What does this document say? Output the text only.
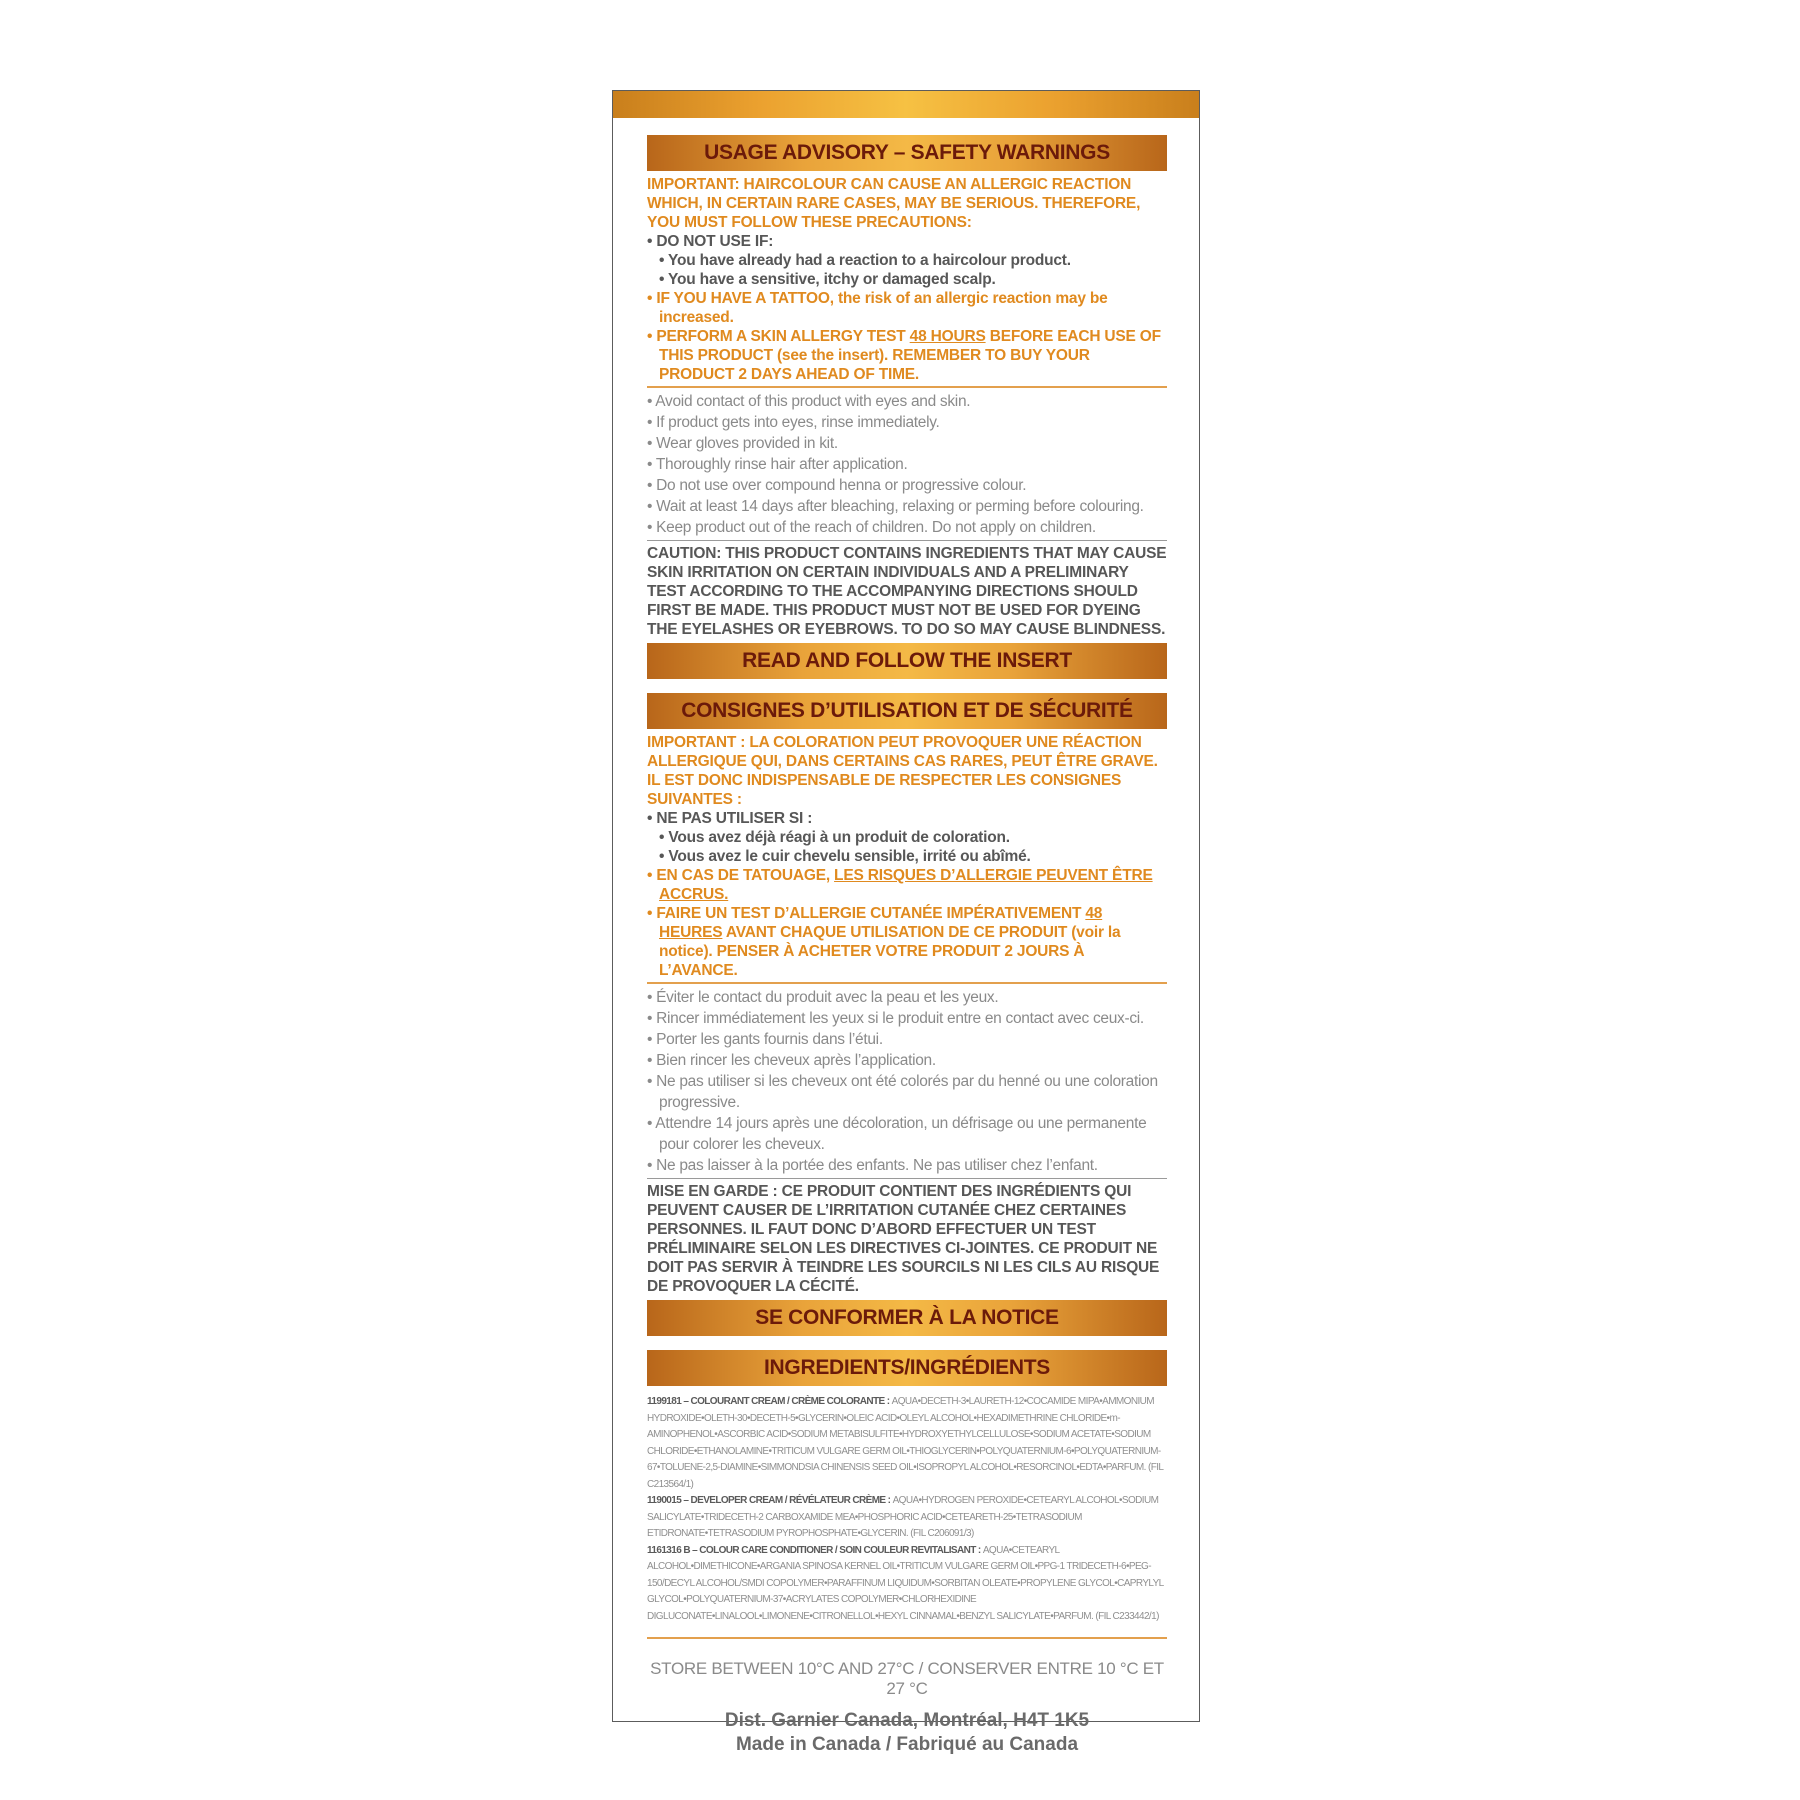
USAGE ADVISORY – SAFETY WARNINGS
IMPORTANT: HAIRCOLOUR CAN CAUSE AN ALLERGIC REACTION WHICH, IN CERTAIN RARE CASES, MAY BE SERIOUS. THEREFORE, YOU MUST FOLLOW THESE PRECAUTIONS:
• DO NOT USE IF:
• You have already had a reaction to a haircolour product.
• You have a sensitive, itchy or damaged scalp.
• IF YOU HAVE A TATTOO, the risk of an allergic reaction may be increased.
• PERFORM A SKIN ALLERGY TEST 48 HOURS BEFORE EACH USE OF THIS PRODUCT (see the insert). REMEMBER TO BUY YOUR PRODUCT 2 DAYS AHEAD OF TIME.
• Avoid contact of this product with eyes and skin.
• If product gets into eyes, rinse immediately.
• Wear gloves provided in kit.
• Thoroughly rinse hair after application.
• Do not use over compound henna or progressive colour.
• Wait at least 14 days after bleaching, relaxing or perming before colouring.
• Keep product out of the reach of children. Do not apply on children.
CAUTION: THIS PRODUCT CONTAINS INGREDIENTS THAT MAY CAUSE SKIN IRRITATION ON CERTAIN INDIVIDUALS AND A PRELIMINARY TEST ACCORDING TO THE ACCOMPANYING DIRECTIONS SHOULD FIRST BE MADE. THIS PRODUCT MUST NOT BE USED FOR DYEING THE EYELASHES OR EYEBROWS. TO DO SO MAY CAUSE BLINDNESS.
READ AND FOLLOW THE INSERT
CONSIGNES D’UTILISATION ET DE SÉCURITÉ
IMPORTANT : LA COLORATION PEUT PROVOQUER UNE RÉACTION ALLERGIQUE QUI, DANS CERTAINS CAS RARES, PEUT ÊTRE GRAVE. IL EST DONC INDISPENSABLE DE RESPECTER LES CONSIGNES SUIVANTES :
• NE PAS UTILISER SI :
• Vous avez déjà réagi à un produit de coloration.
• Vous avez le cuir chevelu sensible, irrité ou abîmé.
• EN CAS DE TATOUAGE, LES RISQUES D’ALLERGIE PEUVENT ÊTRE ACCRUS.
• FAIRE UN TEST D’ALLERGIE CUTANÉE IMPÉRATIVEMENT 48 HEURES AVANT CHAQUE UTILISATION DE CE PRODUIT (voir la notice). PENSER À ACHETER VOTRE PRODUIT 2 JOURS À L’AVANCE.
• Éviter le contact du produit avec la peau et les yeux.
• Rincer immédiatement les yeux si le produit entre en contact avec ceux-ci.
• Porter les gants fournis dans l’étui.
• Bien rincer les cheveux après l’application.
• Ne pas utiliser si les cheveux ont été colorés par du henné ou une coloration progressive.
• Attendre 14 jours après une décoloration, un défrisage ou une permanente pour colorer les cheveux.
• Ne pas laisser à la portée des enfants. Ne pas utiliser chez l’enfant.
MISE EN GARDE : CE PRODUIT CONTIENT DES INGRÉDIENTS QUI PEUVENT CAUSER DE L’IRRITATION CUTANÉE CHEZ CERTAINES PERSONNES. IL FAUT DONC D’ABORD EFFECTUER UN TEST PRÉLIMINAIRE SELON LES DIRECTIVES CI-JOINTES. CE PRODUIT NE DOIT PAS SERVIR À TEINDRE LES SOURCILS NI LES CILS AU RISQUE DE PROVOQUER LA CÉCITÉ.
SE CONFORMER À LA NOTICE
INGREDIENTS/INGRÉDIENTS
1199181 – COLOURANT CREAM / CRÈME COLORANTE : AQUA•DECETH-3•LAURETH-12•COCAMIDE MIPA•AMMONIUM HYDROXIDE•OLETH-30•DECETH-5•GLYCERIN•OLEIC ACID•OLEYL ALCOHOL•HEXADIMETHRINE CHLORIDE•m-AMINOPHENOL•ASCORBIC ACID•SODIUM METABISULFITE•HYDROXYETHYLCELLULOSE•SODIUM ACETATE•SODIUM CHLORIDE•ETHANOLAMINE•TRITICUM VULGARE GERM OIL•THIOGLYCERIN•POLYQUATERNIUM-6•POLYQUATERNIUM-67•TOLUENE-2,5-DIAMINE•SIMMONDSIA CHINENSIS SEED OIL•ISOPROPYL ALCOHOL•RESORCINOL•EDTA•PARFUM. (FIL C213564/1)
1190015 – DEVELOPER CREAM / RÉVÉLATEUR CRÈME : AQUA•HYDROGEN PEROXIDE•CETEARYL ALCOHOL•SODIUM SALICYLATE•TRIDECETH-2 CARBOXAMIDE MEA•PHOSPHORIC ACID•CETEARETH-25•TETRASODIUM ETIDRONATE•TETRASODIUM PYROPHOSPHATE•GLYCERIN. (FIL C206091/3)
1161316 B – COLOUR CARE CONDITIONER / SOIN COULEUR REVITALISANT : AQUA•CETEARYL ALCOHOL•DIMETHICONE•ARGANIA SPINOSA KERNEL OIL•TRITICUM VULGARE GERM OIL•PPG-1 TRIDECETH-6•PEG-150/DECYL ALCOHOL/SMDI COPOLYMER•PARAFFINUM LIQUIDUM•SORBITAN OLEATE•PROPYLENE GLYCOL•CAPRYLYL GLYCOL•POLYQUATERNIUM-37•ACRYLATES COPOLYMER•CHLORHEXIDINE DIGLUCONATE•LINALOOL•LIMONENE•CITRONELLOL•HEXYL CINNAMAL•BENZYL SALICYLATE•PARFUM. (FIL C233442/1)
STORE BETWEEN 10°C AND 27°C / CONSERVER ENTRE 10 °C ET 27 °C
Dist. Garnier Canada, Montréal, H4T 1K5
Made in Canada / Fabriqué au Canada
